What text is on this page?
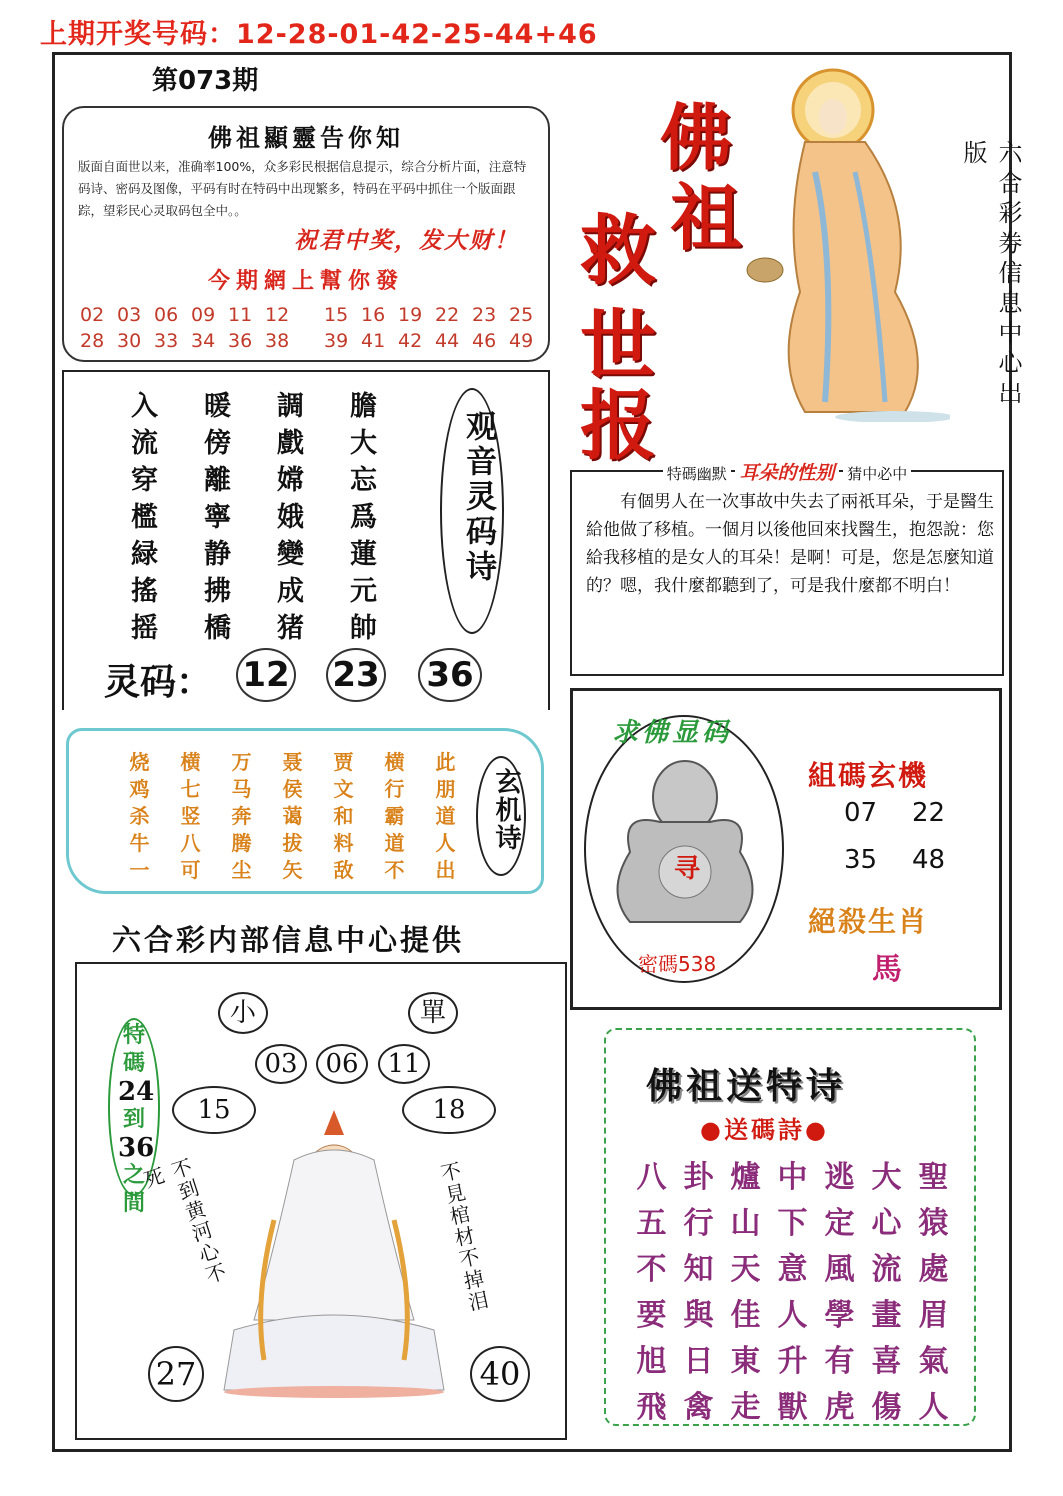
上期开奖号码：12-28-01-42-25-44+46
第073期
佛祖顯靈告你知
版面自面世以来，准确率100%，众多彩民根据信息提示，综合分析片面，注意特码诗、密码及图像，平码有时在特码中出现繁多，特码在平码中抓住一个版面跟踪，望彩民心灵取码包全中。。
祝君中奖，发大财！
今期網上幫你發
02 03 06 09 11 12	15 16 19 22 23 25
28 30 33 34 36 38	39 41 42 44 46 49
佛
祖
救
世
报
六合彩券信息中心出版
入	暖	調	膽
流	傍	戲	大
穿	離	嫦	忘
檻	寧	娥	爲
緑	静	變	蓮
搖	拂	成	元
摇	橋	猪	帥
观音灵码诗
灵码： 12 23 36
特碼幽默 耳朵的性别 猜中必中
有個男人在一次事故中失去了兩祇耳朵，于是醫生給他做了移植。一個月以後他回來找醫生，抱怨說：您給我移植的是女人的耳朵！是啊！可是，您是怎麼知道的？嗯，我什麼都聽到了，可是我什麼都不明白！
烧	横	万	聂	贾	横	此
鸡	七	马	侯	文	行	朋
杀	竖	奔	蔼	和	霸	道
牛	八	腾	拔	料	道	人
一	可	尘	矢	敌	不	出
玄机诗
六合彩内部信息中心提供
求佛显码
寻
密碼538
組碼玄機
07 22
35 48
絕殺生肖
馬
特碼
24
到
36
之間
小	單
03	06	11
15	18
不到黄河心不死	不見棺材不掉泪
27	40
佛祖送特诗
●送碼詩●
八 卦 爐 中 逃 大 聖
五 行 山 下 定 心 猿
不 知 天 意 風 流 處
要 與 佳 人 學 畫 眉
旭 日 東 升 有 喜 氣
飛 禽 走 獸 虎 傷 人
